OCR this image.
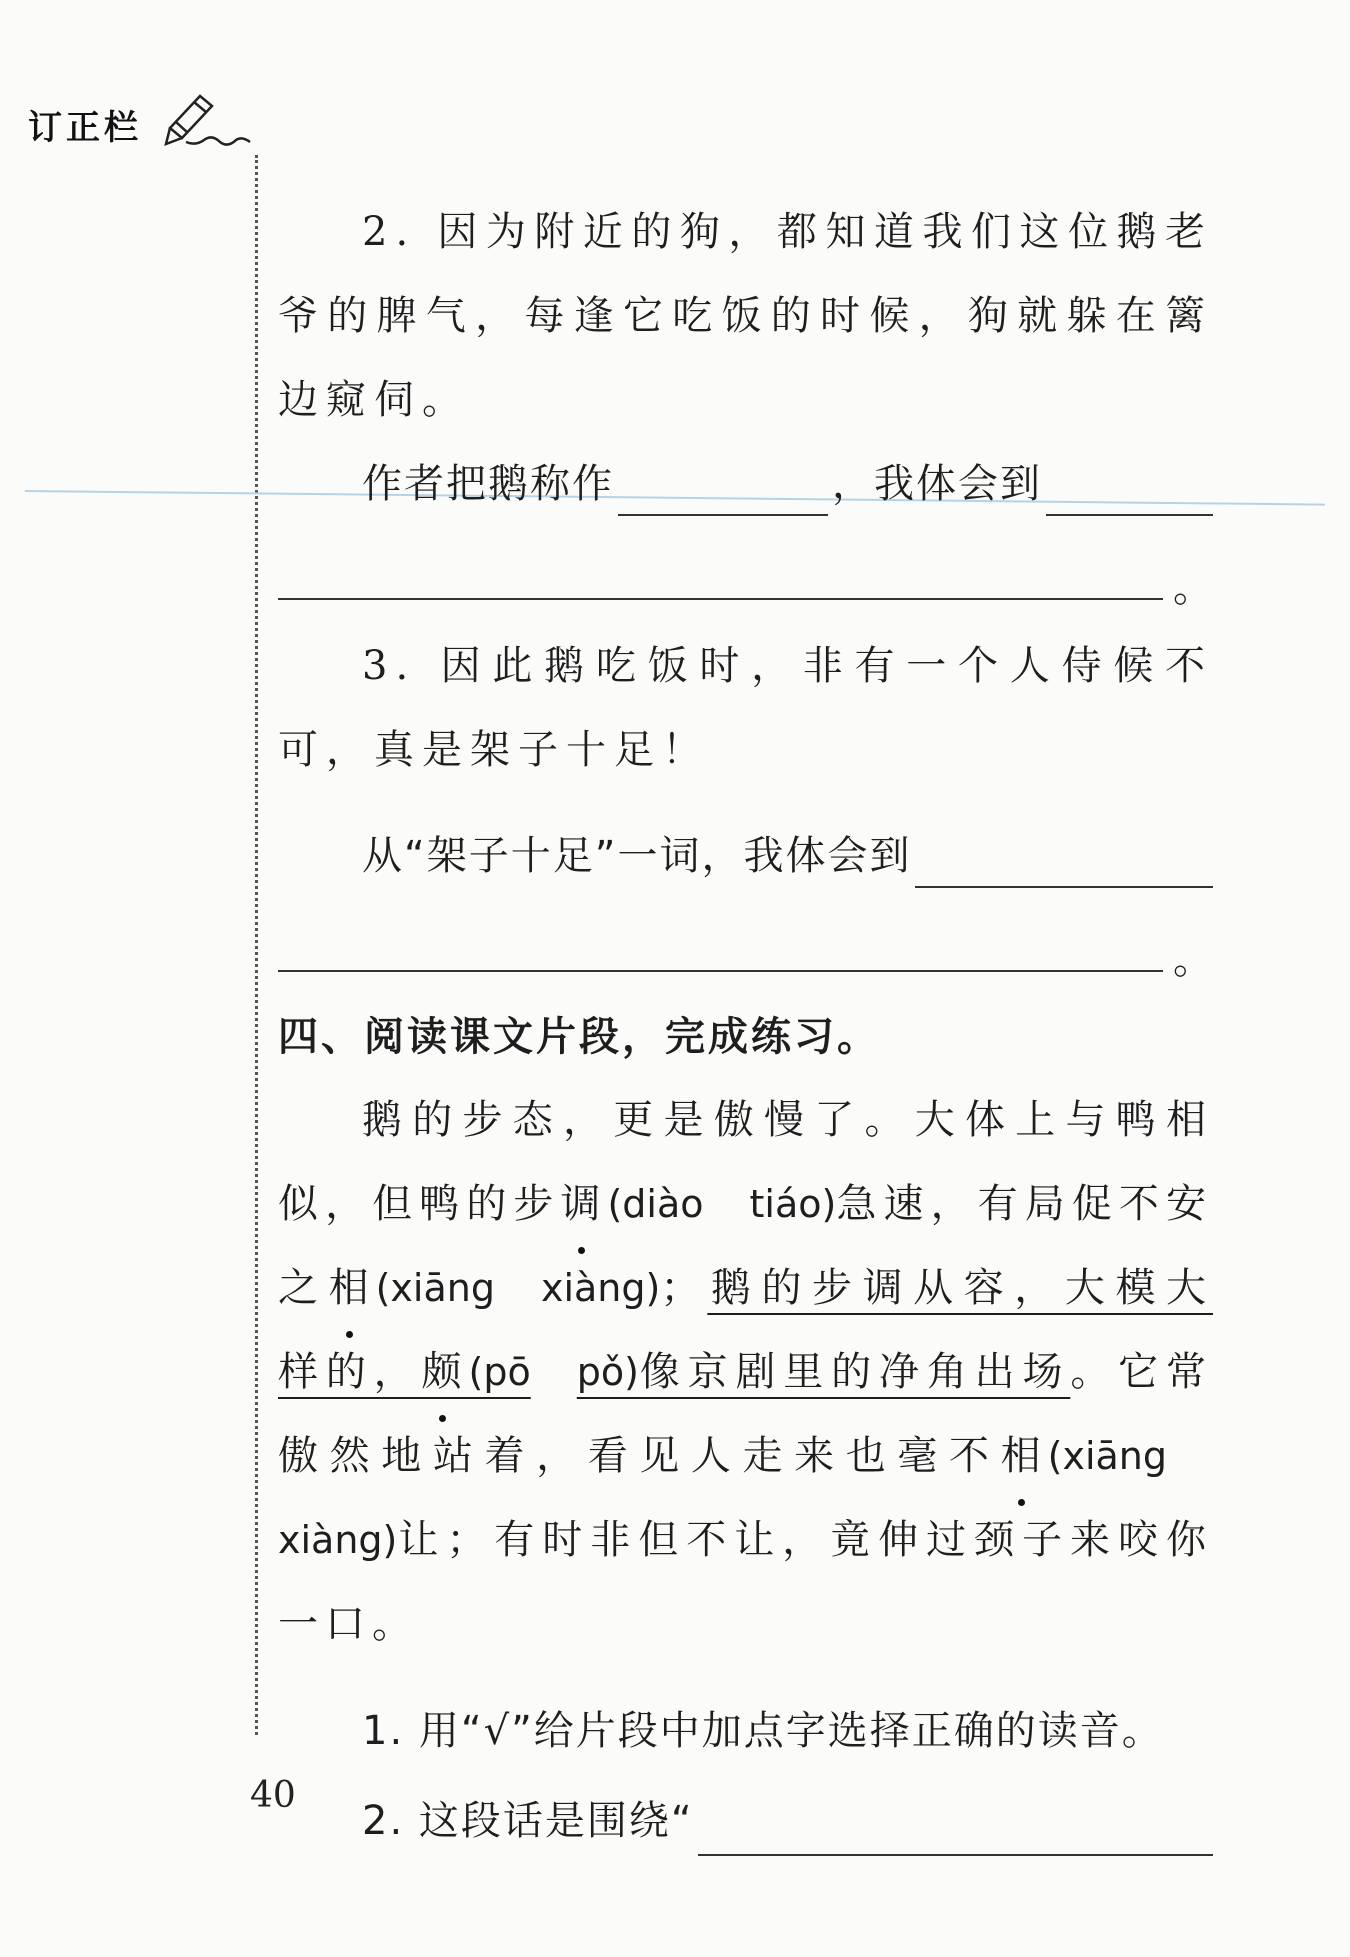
订正栏

2. 因为附近的狗，都知道我们这位鹅老爷的脾气，每逢它吃饭的时候，狗就躲在篱边窥伺。

作者把鹅称作	，我体会到
。

3. 因此鹅吃饭时，非有一个人侍候不可，真是架子十足！

从“架子十足”一词，我体会到
。
四、阅读课文片段，完成练习。

鹅的步态，更是傲慢了。大体上与鸭相似，但鸭的步调(diào tiáo)急速，有局促不安之相(xiāng xiàng)；鹅的步调从容，大模大样的，颇(pō pǒ)像京剧里的净角出场。它常傲然地站着，看见人走来也毫不相(xiāngxiàng)让；有时非但不让，竟伸过颈子来咬你一口。

1. 用“√”给片段中加点字选择正确的读音。

2. 这段话是围绕“
40
